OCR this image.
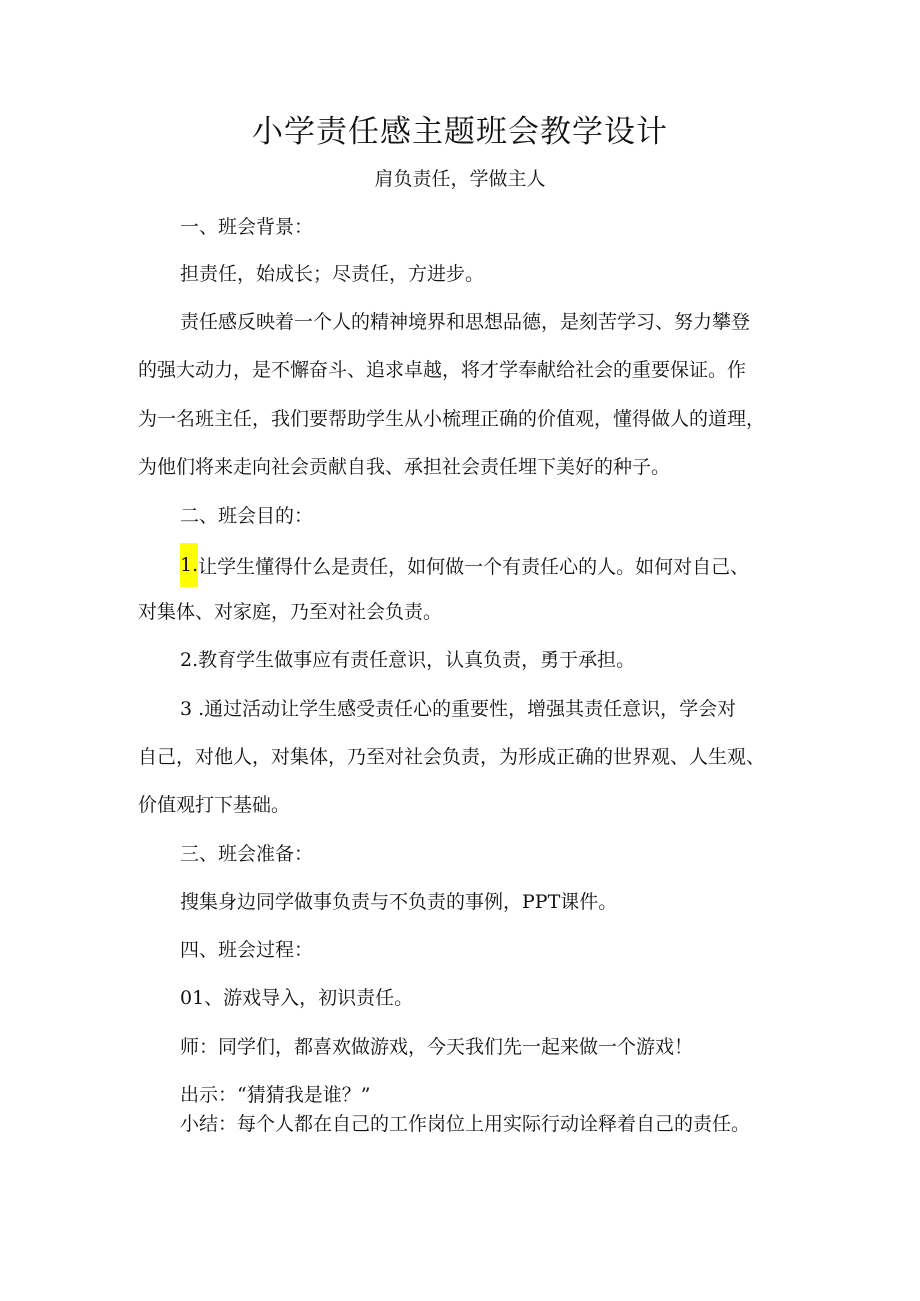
小学责任感主题班会教学设计
肩负责任，学做主人
一、班会背景：
担责任，始成长；尽责任，方进步。
责任感反映着一个人的精神境界和思想品德，是刻苦学习、努力攀登
的强大动力，是不懈奋斗、追求卓越，将才学奉献给社会的重要保证。作
为一名班主任，我们要帮助学生从小梳理正确的价值观，懂得做人的道理，
为他们将来走向社会贡献自我、承担社会责任埋下美好的种子。
二、班会目的：
1.让学生懂得什么是责任，如何做一个有责任心的人。如何对自己、
对集体、对家庭，乃至对社会负责。
2.教育学生做事应有责任意识，认真负责，勇于承担。
3 .通过活动让学生感受责任心的重要性，增强其责任意识，学会对
自己，对他人，对集体，乃至对社会负责，为形成正确的世界观、人生观、
价值观打下基础。
三、班会准备：
搜集身边同学做事负责与不负责的事例，PPT课件。
四、班会过程：
01、游戏导入，初识责任。
师：同学们，都喜欢做游戏，今天我们先一起来做一个游戏！
出示：“猜猜我是谁？”
小结：每个人都在自己的工作岗位上用实际行动诠释着自己的责任。
